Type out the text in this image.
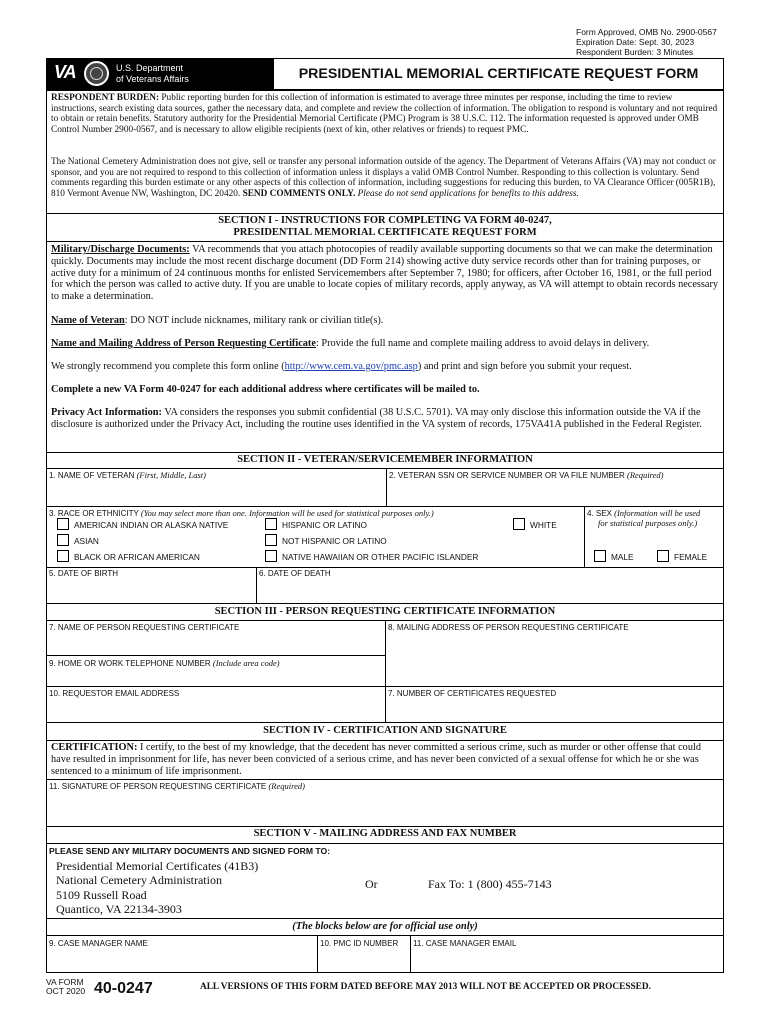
Form Approved, OMB No. 2900-0567
Expiration Date: Sept. 30, 2023
Respondent Burden: 3 Minutes
VA	U.S. Department
of Veterans Affairs	PRESIDENTIAL MEMORIAL CERTIFICATE REQUEST FORM
RESPONDENT BURDEN: Public reporting burden for this collection of information is estimated to average three minutes per response, including the time to review instructions, search existing data sources, gather the necessary data, and complete and review the collection of information. The obligation to respond is voluntary and not required to obtain or retain benefits. Statutory authority for the Presidential Memorial Certificate (PMC) Program is 38 U.S.C. 112. The information requested is approved under OMB Control Number 2900-0567, and is necessary to allow eligible recipients (next of kin, other relatives or friends) to request PMC.
The National Cemetery Administration does not give, sell or transfer any personal information outside of the agency. The Department of Veterans Affairs (VA) may not conduct or sponsor, and you are not required to respond to this collection of information unless it displays a valid OMB Control Number. Responding to this collection is voluntary. Send comments regarding this burden estimate or any other aspects of this collection of information, including suggestions for reducing this burden, to VA Clearance Officer (005R1B), 810 Vermont Avenue NW, Washington, DC 20420. SEND COMMENTS ONLY. Please do not send applications for benefits to this address.
SECTION I - INSTRUCTIONS FOR COMPLETING VA FORM 40-0247,
PRESIDENTIAL MEMORIAL CERTIFICATE REQUEST FORM
Military/Discharge Documents: VA recommends that you attach photocopies of readily available supporting documents so that we can make the determination quickly. Documents may include the most recent discharge document (DD Form 214) showing active duty service records other than for training purposes, or active duty for a minimum of 24 continuous months for enlisted Servicemembers after September 7, 1980; for officers, after October 16, 1981, or the full period for which the person was called to active duty. If you are unable to locate copies of military records, apply anyway, as VA will attempt to obtain records necessary to make a determination.
Name of Veteran: DO NOT include nicknames, military rank or civilian title(s).
Name and Mailing Address of Person Requesting Certificate: Provide the full name and complete mailing address to avoid delays in delivery.
We strongly recommend you complete this form online (http://www.cem.va.gov/pmc.asp) and print and sign before you submit your request.
Complete a new VA Form 40-0247 for each additional address where certificates will be mailed to.
Privacy Act Information: VA considers the responses you submit confidential (38 U.S.C. 5701). VA may only disclose this information outside the VA if the disclosure is authorized under the Privacy Act, including the routine uses identified in the VA system of records, 175VA41A published in the Federal Register.
SECTION II - VETERAN/SERVICEMEMBER INFORMATION
1. NAME OF VETERAN (First, Middle, Last)	2. VETERAN SSN OR SERVICE NUMBER OR VA FILE NUMBER (Required)
3. RACE OR ETHNICITY (You may select more than one. Information will be used for statistical purposes only.)	4. SEX (Information will be used
for statistical purposes only.)
AMERICAN INDIAN OR ALASKA NATIVE	HISPANIC OR LATINO	WHITE
ASIAN	NOT HISPANIC OR LATINO
BLACK OR AFRICAN AMERICAN	NATIVE HAWAIIAN OR OTHER PACIFIC ISLANDER	MALE	FEMALE
5. DATE OF BIRTH	6. DATE OF DEATH
SECTION III - PERSON REQUESTING CERTIFICATE INFORMATION
7. NAME OF PERSON REQUESTING CERTIFICATE	8. MAILING ADDRESS OF PERSON REQUESTING CERTIFICATE
9. HOME OR WORK TELEPHONE NUMBER (Include area code)
10. REQUESTOR EMAIL ADDRESS	7. NUMBER OF CERTIFICATES REQUESTED
SECTION IV - CERTIFICATION AND SIGNATURE
CERTIFICATION: I certify, to the best of my knowledge, that the decedent has never committed a serious crime, such as murder or other offense that could have resulted in imprisonment for life, has never been convicted of a serious crime, and has never been convicted of a sexual offense for which he or she was sentenced to a minimum of life imprisonment.
11. SIGNATURE OF PERSON REQUESTING CERTIFICATE (Required)
SECTION V - MAILING ADDRESS AND FAX NUMBER
PLEASE SEND ANY MILITARY DOCUMENTS AND SIGNED FORM TO:
Presidential Memorial Certificates (41B3)
National Cemetery Administration
5109 Russell Road
Quantico, VA 22134-3903
Or	Fax To: 1 (800) 455-7143
(The blocks below are for official use only)
9. CASE MANAGER NAME	10. PMC ID NUMBER 11. CASE MANAGER EMAIL
VA FORM
OCT 2020 40-0247	ALL VERSIONS OF THIS FORM DATED BEFORE MAY 2013 WILL NOT BE ACCEPTED OR PROCESSED.
